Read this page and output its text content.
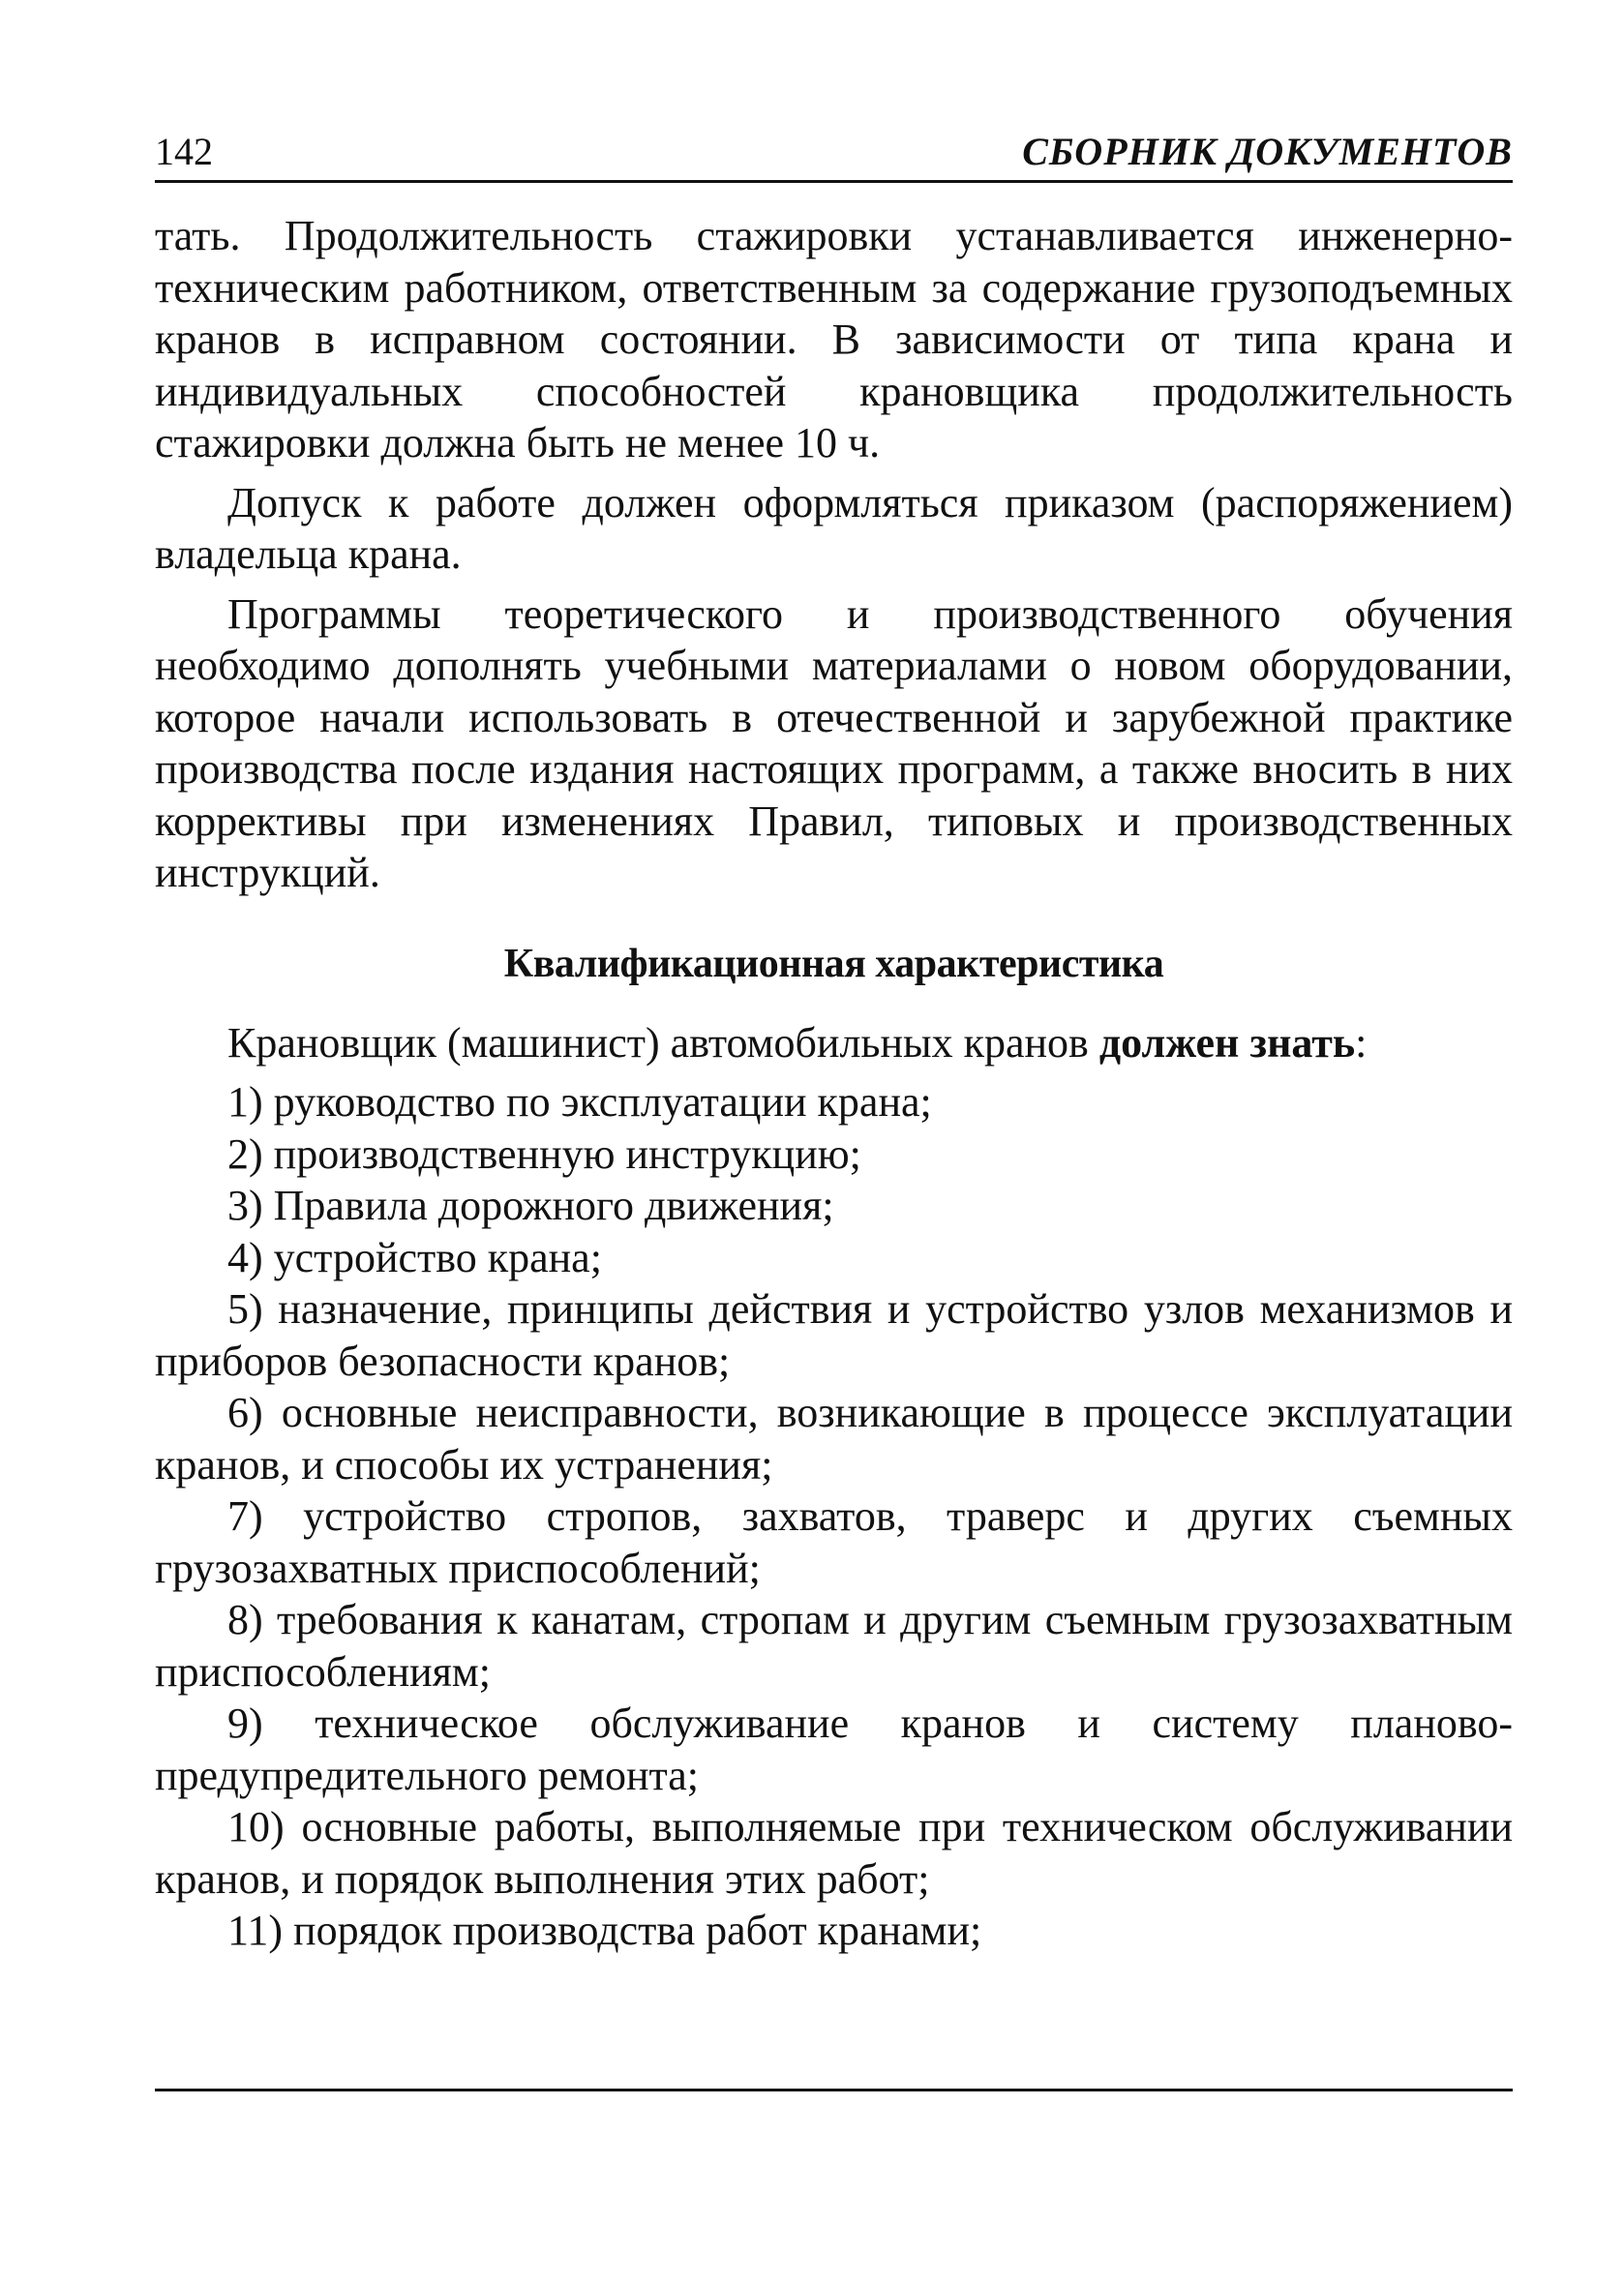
142	СБОРНИК ДОКУМЕНТОВ

тать. Продолжительность стажировки устанавливается инженерно-техническим работником, ответственным за содержание грузоподъемных кранов в исправном состоянии. В зависимости от типа крана и индивидуальных способностей крановщика продолжительность стажировки должна быть не менее 10 ч.

Допуск к работе должен оформляться приказом (распоряжением) владельца крана.

Программы теоретического и производственного обучения необходимо дополнять учебными материалами о новом оборудовании, которое начали использовать в отечественной и зарубежной практике производства после издания настоящих программ, а также вносить в них коррективы при изменениях Правил, типовых и производственных инструкций.

Квалификационная характеристика

Крановщик (машинист) автомобильных кранов должен знать:

1) руководство по эксплуатации крана;
2) производственную инструкцию;
3) Правила дорожного движения;
4) устройство крана;
5) назначение, принципы действия и устройство узлов механизмов и приборов безопасности кранов;
6) основные неисправности, возникающие в процессе эксплуатации кранов, и способы их устранения;
7) устройство стропов, захватов, траверс и других съемных грузозахватных приспособлений;
8) требования к канатам, стропам и другим съемным грузозахватным приспособлениям;
9) техническое обслуживание кранов и систему планово-предупредительного ремонта;
10) основные работы, выполняемые при техническом обслуживании кранов, и порядок выполнения этих работ;
11) порядок производства работ кранами;
